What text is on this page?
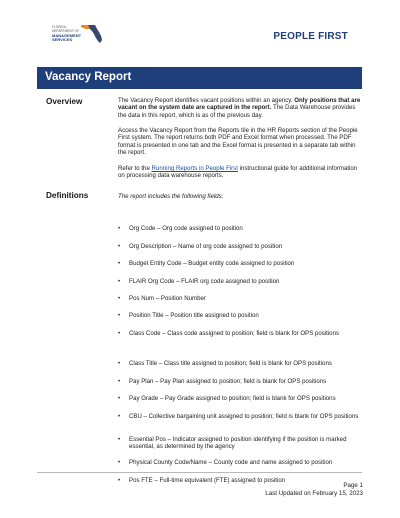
FLORIDA DEPARTMENT OF
MANAGEMENT
SERVICES	PEOPLE FIRST
Vacancy Report
Overview	The Vacancy Report identifies vacant positions within an agency. Only positions that are vacant on the system date are captured in the report. The Data Warehouse provides the data in this report, which is as of the previous day.
Access the Vacancy Report from the Reports tile in the HR Reports section of the People First system. The report returns both PDF and Excel format when processed. The PDF format is presented in one tab and the Excel format is presented in a separate tab within the report.
Refer to the Running Reports in People First instructional guide for additional information on processing data warehouse reports.
Definitions	The report includes the following fields:
• Org Code – Org code assigned to position
• Org Description – Name of org code assigned to position
• Budget Entity Code – Budget entity code assigned to position
• FLAIR Org Code – FLAIR org code assigned to position
• Pos Num – Position Number
• Position Title – Position title assigned to position
• Class Code – Class code assigned to position; field is blank for OPS positions
• Class Title – Class title assigned to position; field is blank for OPS positions
• Pay Plan – Pay Plan assigned to position; field is blank for OPS positions
• Pay Grade – Pay Grade assigned to position; field is blank for OPS positions
• CBU – Collective bargaining unit assigned to position; field is blank for OPS positions
• Essential Pos – Indicator assigned to position identifying if the position is marked essential, as determined by the agency
• Physical County Code/Name – County code and name assigned to position
• Pos FTE – Full-time equivalent (FTE) assigned to position
Page 1
Last Updated on February 15, 2023
